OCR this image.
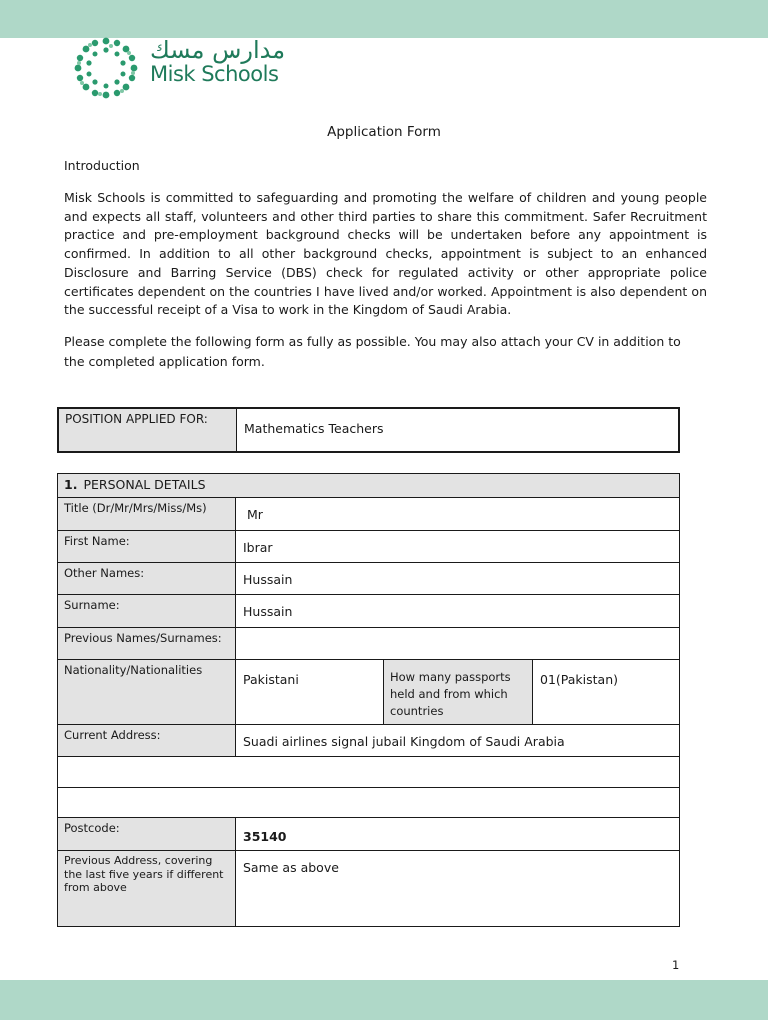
مدارس مسك
Misk Schools
Application Form
Introduction

Misk Schools is committed to safeguarding and promoting the welfare of children and young people and expects all staff, volunteers and other third parties to share this commitment. Safer Recruitment practice and pre-employment background checks will be undertaken before any appointment is confirmed. In addition to all other background checks, appointment is subject to an enhanced Disclosure and Barring Service (DBS) check for regulated activity or other appropriate police certificates dependent on the countries I have lived and/or worked. Appointment is also dependent on the successful receipt of a Visa to work in the Kingdom of Saudi Arabia.

Please complete the following form as fully as possible. You may also attach your CV in addition to the completed application form.

POSITION APPLIED FOR:	Mathematics Teachers
1. PERSONAL DETAILS			
Title (Dr/Mr/Mrs/Miss/Ms)	Mr		
First Name:	Ibrar		
Other Names:	Hussain		
Surname:	Hussain		
Previous Names/Surnames:			
Nationality/Nationalities	Pakistani	How many passports held and from which countries	01(Pakistan)
Current Address:	Suadi airlines signal jubail Kingdom of Saudi Arabia		

Postcode:	35140		
Previous Address, covering the last five years if different from above	Same as above		
1
